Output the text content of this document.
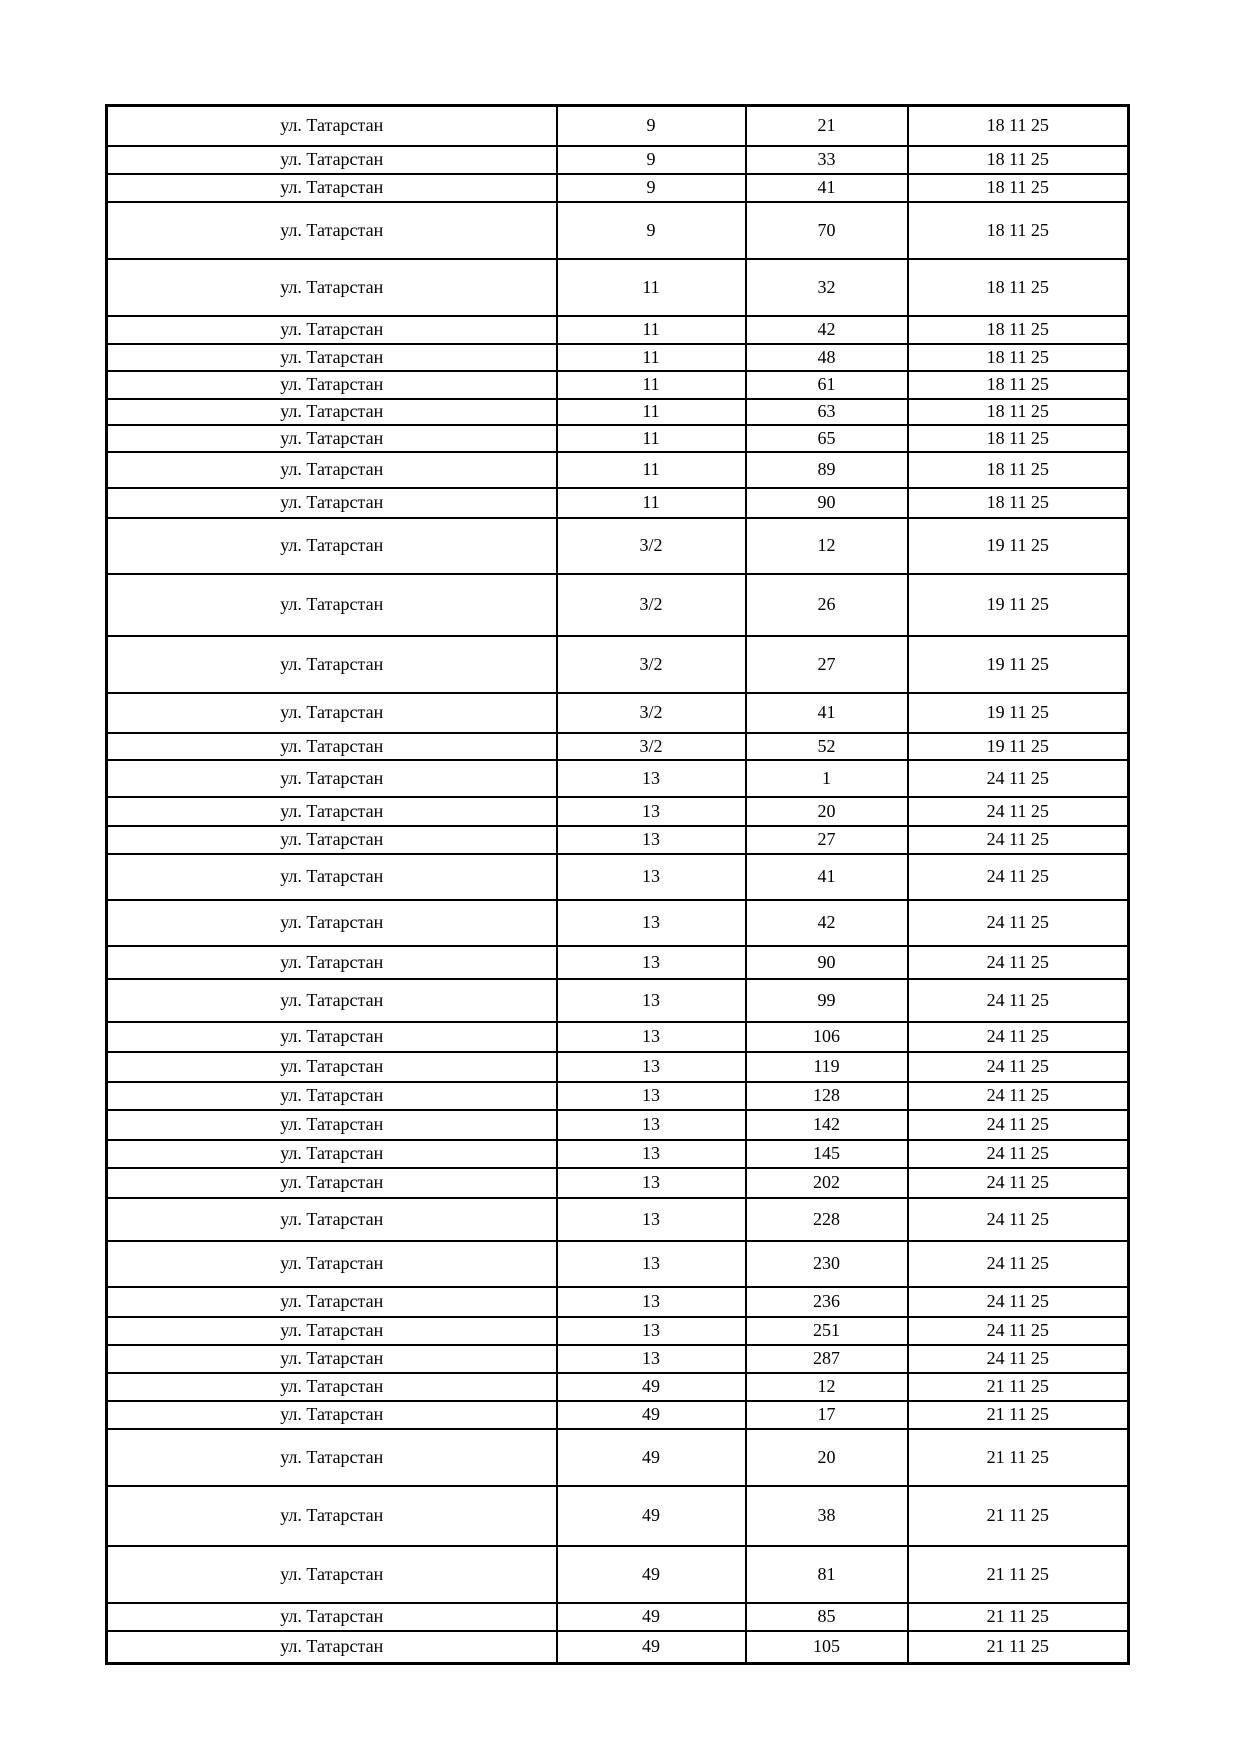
ул. Татарстан	9	21	18 11 25
ул. Татарстан	9	33	18 11 25
ул. Татарстан	9	41	18 11 25
ул. Татарстан	9	70	18 11 25
ул. Татарстан	11	32	18 11 25
ул. Татарстан	11	42	18 11 25
ул. Татарстан	11	48	18 11 25
ул. Татарстан	11	61	18 11 25
ул. Татарстан	11	63	18 11 25
ул. Татарстан	11	65	18 11 25
ул. Татарстан	11	89	18 11 25
ул. Татарстан	11	90	18 11 25
ул. Татарстан	3/2	12	19 11 25
ул. Татарстан	3/2	26	19 11 25
ул. Татарстан	3/2	27	19 11 25
ул. Татарстан	3/2	41	19 11 25
ул. Татарстан	3/2	52	19 11 25
ул. Татарстан	13	1	24 11 25
ул. Татарстан	13	20	24 11 25
ул. Татарстан	13	27	24 11 25
ул. Татарстан	13	41	24 11 25
ул. Татарстан	13	42	24 11 25
ул. Татарстан	13	90	24 11 25
ул. Татарстан	13	99	24 11 25
ул. Татарстан	13	106	24 11 25
ул. Татарстан	13	119	24 11 25
ул. Татарстан	13	128	24 11 25
ул. Татарстан	13	142	24 11 25
ул. Татарстан	13	145	24 11 25
ул. Татарстан	13	202	24 11 25
ул. Татарстан	13	228	24 11 25
ул. Татарстан	13	230	24 11 25
ул. Татарстан	13	236	24 11 25
ул. Татарстан	13	251	24 11 25
ул. Татарстан	13	287	24 11 25
ул. Татарстан	49	12	21 11 25
ул. Татарстан	49	17	21 11 25
ул. Татарстан	49	20	21 11 25
ул. Татарстан	49	38	21 11 25
ул. Татарстан	49	81	21 11 25
ул. Татарстан	49	85	21 11 25
ул. Татарстан	49	105	21 11 25
